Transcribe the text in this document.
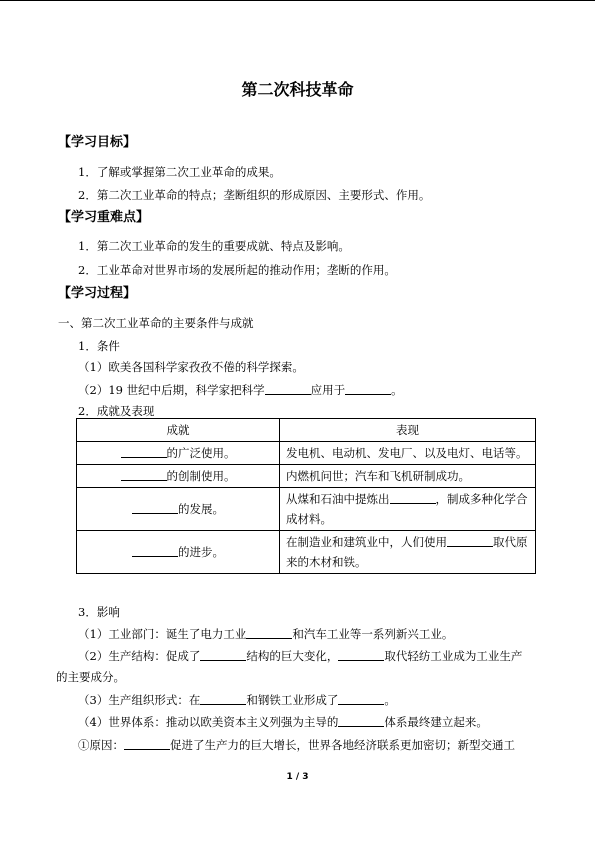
第二次科技革命
【学习目标】
1．了解或掌握第二次工业革命的成果。
2．第二次工业革命的特点；垄断组织的形成原因、主要形式、作用。
【学习重难点】
1．第二次工业革命的发生的重要成就、特点及影响。
2．工业革命对世界市场的发展所起的推动作用；垄断的作用。
【学习过程】
一、第二次工业革命的主要条件与成就
1．条件
（1）欧美各国科学家孜孜不倦的科学探索。
（2）19 世纪中后期，科学家把科学	应用于	。
2．成就及表现
成就	表现
的广泛使用。	发电机、电动机、发电厂、以及电灯、电话等。
的创制使用。	内燃机问世；汽车和飞机研制成功。
的发展。	从煤和石油中提炼出 ，制成多种化学合成材料。
的进步。	在制造业和建筑业中，人们使用 取代原来的木材和铁。
3．影响
（1）工业部门：诞生了电力工业	和汽车工业等一系列新兴工业。
（2）生产结构：促成了	结构的巨大变化，	取代轻纺工业成为工业生产
的主要成分。
（3）生产组织形式：在	和钢铁工业形成了	。
（4）世界体系：推动以欧美资本主义列强为主导的	体系最终建立起来。
①原因：	促进了生产力的巨大增长，世界各地经济联系更加密切；新型交通工
1 / 3
